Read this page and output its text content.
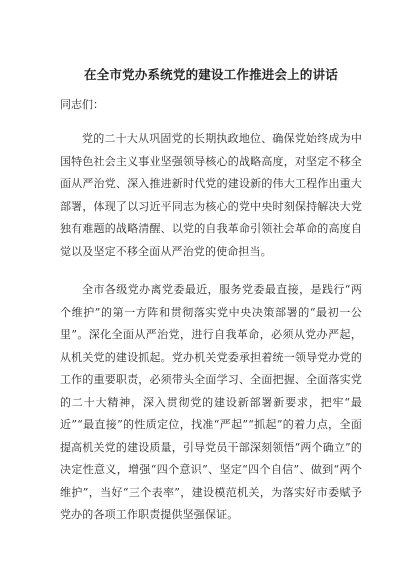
在全市党办系统党的建设工作推进会上的讲话

同志们：

党的二十大从巩固党的长期执政地位、确保党始终成为中国特色社会主义事业坚强领导核心的战略高度，对坚定不移全面从严治党、深入推进新时代党的建设新的伟大工程作出重大部署，体现了以习近平同志为核心的党中央时刻保持解决大党独有难题的战略清醒、以党的自我革命引领社会革命的高度自觉以及坚定不移全面从严治党的使命担当。

全市各级党办离党委最近，服务党委最直接，是践行“两个维护”的第一方阵和贯彻落实党中央决策部署的“最初一公里”。深化全面从严治党，进行自我革命，必须从党办严起，从机关党的建设抓起。党办机关党委承担着统一领导党办党的工作的重要职责，必须带头全面学习、全面把握、全面落实党的二十大精神，深入贯彻党的建设新部署新要求，把牢“最近”“最直接”的性质定位，找准“严起”“抓起”的着力点，全面提高机关党的建设质量，引导党员干部深刻领悟“两个确立”的决定性意义，增强“四个意识”、坚定“四个自信”、做到“两个维护”，当好“三个表率”，建设模范机关，为落实好市委赋予党办的各项工作职责提供坚强保证。
